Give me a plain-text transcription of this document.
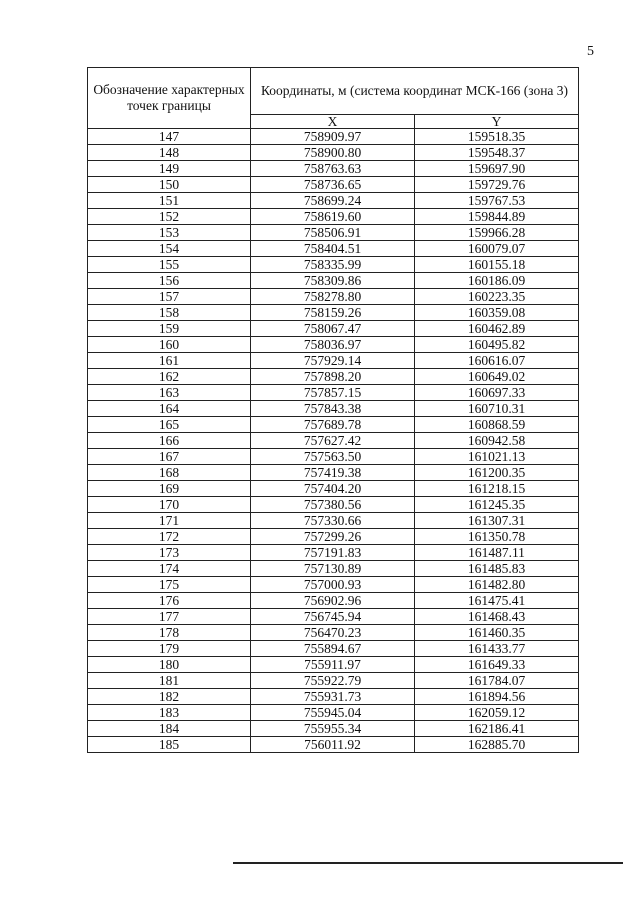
5
Обозначение характерных точек границы	Координаты, м (система координат МСК-166 (зона 3)	
	X	Y
147	758909.97	159518.35
148	758900.80	159548.37
149	758763.63	159697.90
150	758736.65	159729.76
151	758699.24	159767.53
152	758619.60	159844.89
153	758506.91	159966.28
154	758404.51	160079.07
155	758335.99	160155.18
156	758309.86	160186.09
157	758278.80	160223.35
158	758159.26	160359.08
159	758067.47	160462.89
160	758036.97	160495.82
161	757929.14	160616.07
162	757898.20	160649.02
163	757857.15	160697.33
164	757843.38	160710.31
165	757689.78	160868.59
166	757627.42	160942.58
167	757563.50	161021.13
168	757419.38	161200.35
169	757404.20	161218.15
170	757380.56	161245.35
171	757330.66	161307.31
172	757299.26	161350.78
173	757191.83	161487.11
174	757130.89	161485.83
175	757000.93	161482.80
176	756902.96	161475.41
177	756745.94	161468.43
178	756470.23	161460.35
179	755894.67	161433.77
180	755911.97	161649.33
181	755922.79	161784.07
182	755931.73	161894.56
183	755945.04	162059.12
184	755955.34	162186.41
185	756011.92	162885.70
